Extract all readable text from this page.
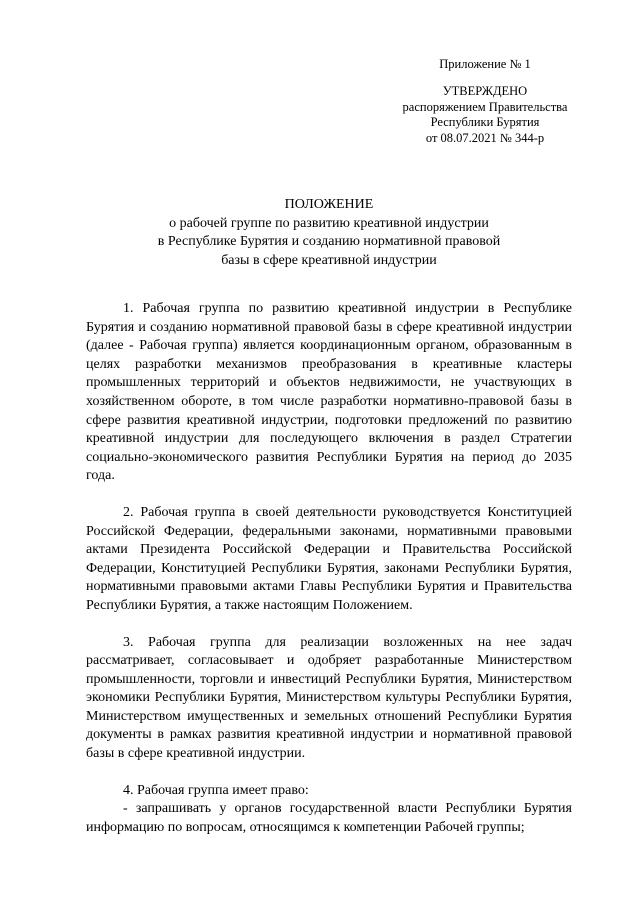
Приложение № 1
УТВЕРЖДЕНО
распоряжением Правительства
Республики Бурятия
от 08.07.2021 № 344-р
ПОЛОЖЕНИЕ
о рабочей группе по развитию креативной индустрии
в Республике Бурятия и созданию нормативной правовой
базы в сфере креативной индустрии

1. Рабочая группа по развитию креативной индустрии в Республике Бурятия и созданию нормативной правовой базы в сфере креативной индустрии (далее - Рабочая группа) является координационным органом, образованным в целях разработки механизмов преобразования в креативные кластеры промышленных территорий и объектов недвижимости, не участвующих в хозяйственном обороте, в том числе разработки нормативно-правовой базы в сфере развития креативной индустрии, подготовки предложений по развитию креативной индустрии для последующего включения в раздел Стратегии социально-экономического развития Республики Бурятия на период до 2035 года.

2. Рабочая группа в своей деятельности руководствуется Конституцией Российской Федерации, федеральными законами, нормативными правовыми актами Президента Российской Федерации и Правительства Российской Федерации, Конституцией Республики Бурятия, законами Республики Бурятия, нормативными правовыми актами Главы Республики Бурятия и Правительства Республики Бурятия, а также настоящим Положением.

3. Рабочая группа для реализации возложенных на нее задач рассматривает, согласовывает и одобряет разработанные Министерством промышленности, торговли и инвестиций Республики Бурятия, Министерством экономики Республики Бурятия, Министерством культуры Республики Бурятия, Министерством имущественных и земельных отношений Республики Бурятия документы в рамках развития креативной индустрии и нормативной правовой базы в сфере креативной индустрии.

4. Рабочая группа имеет право:

- запрашивать у органов государственной власти Республики Бурятия информацию по вопросам, относящимся к компетенции Рабочей группы;
